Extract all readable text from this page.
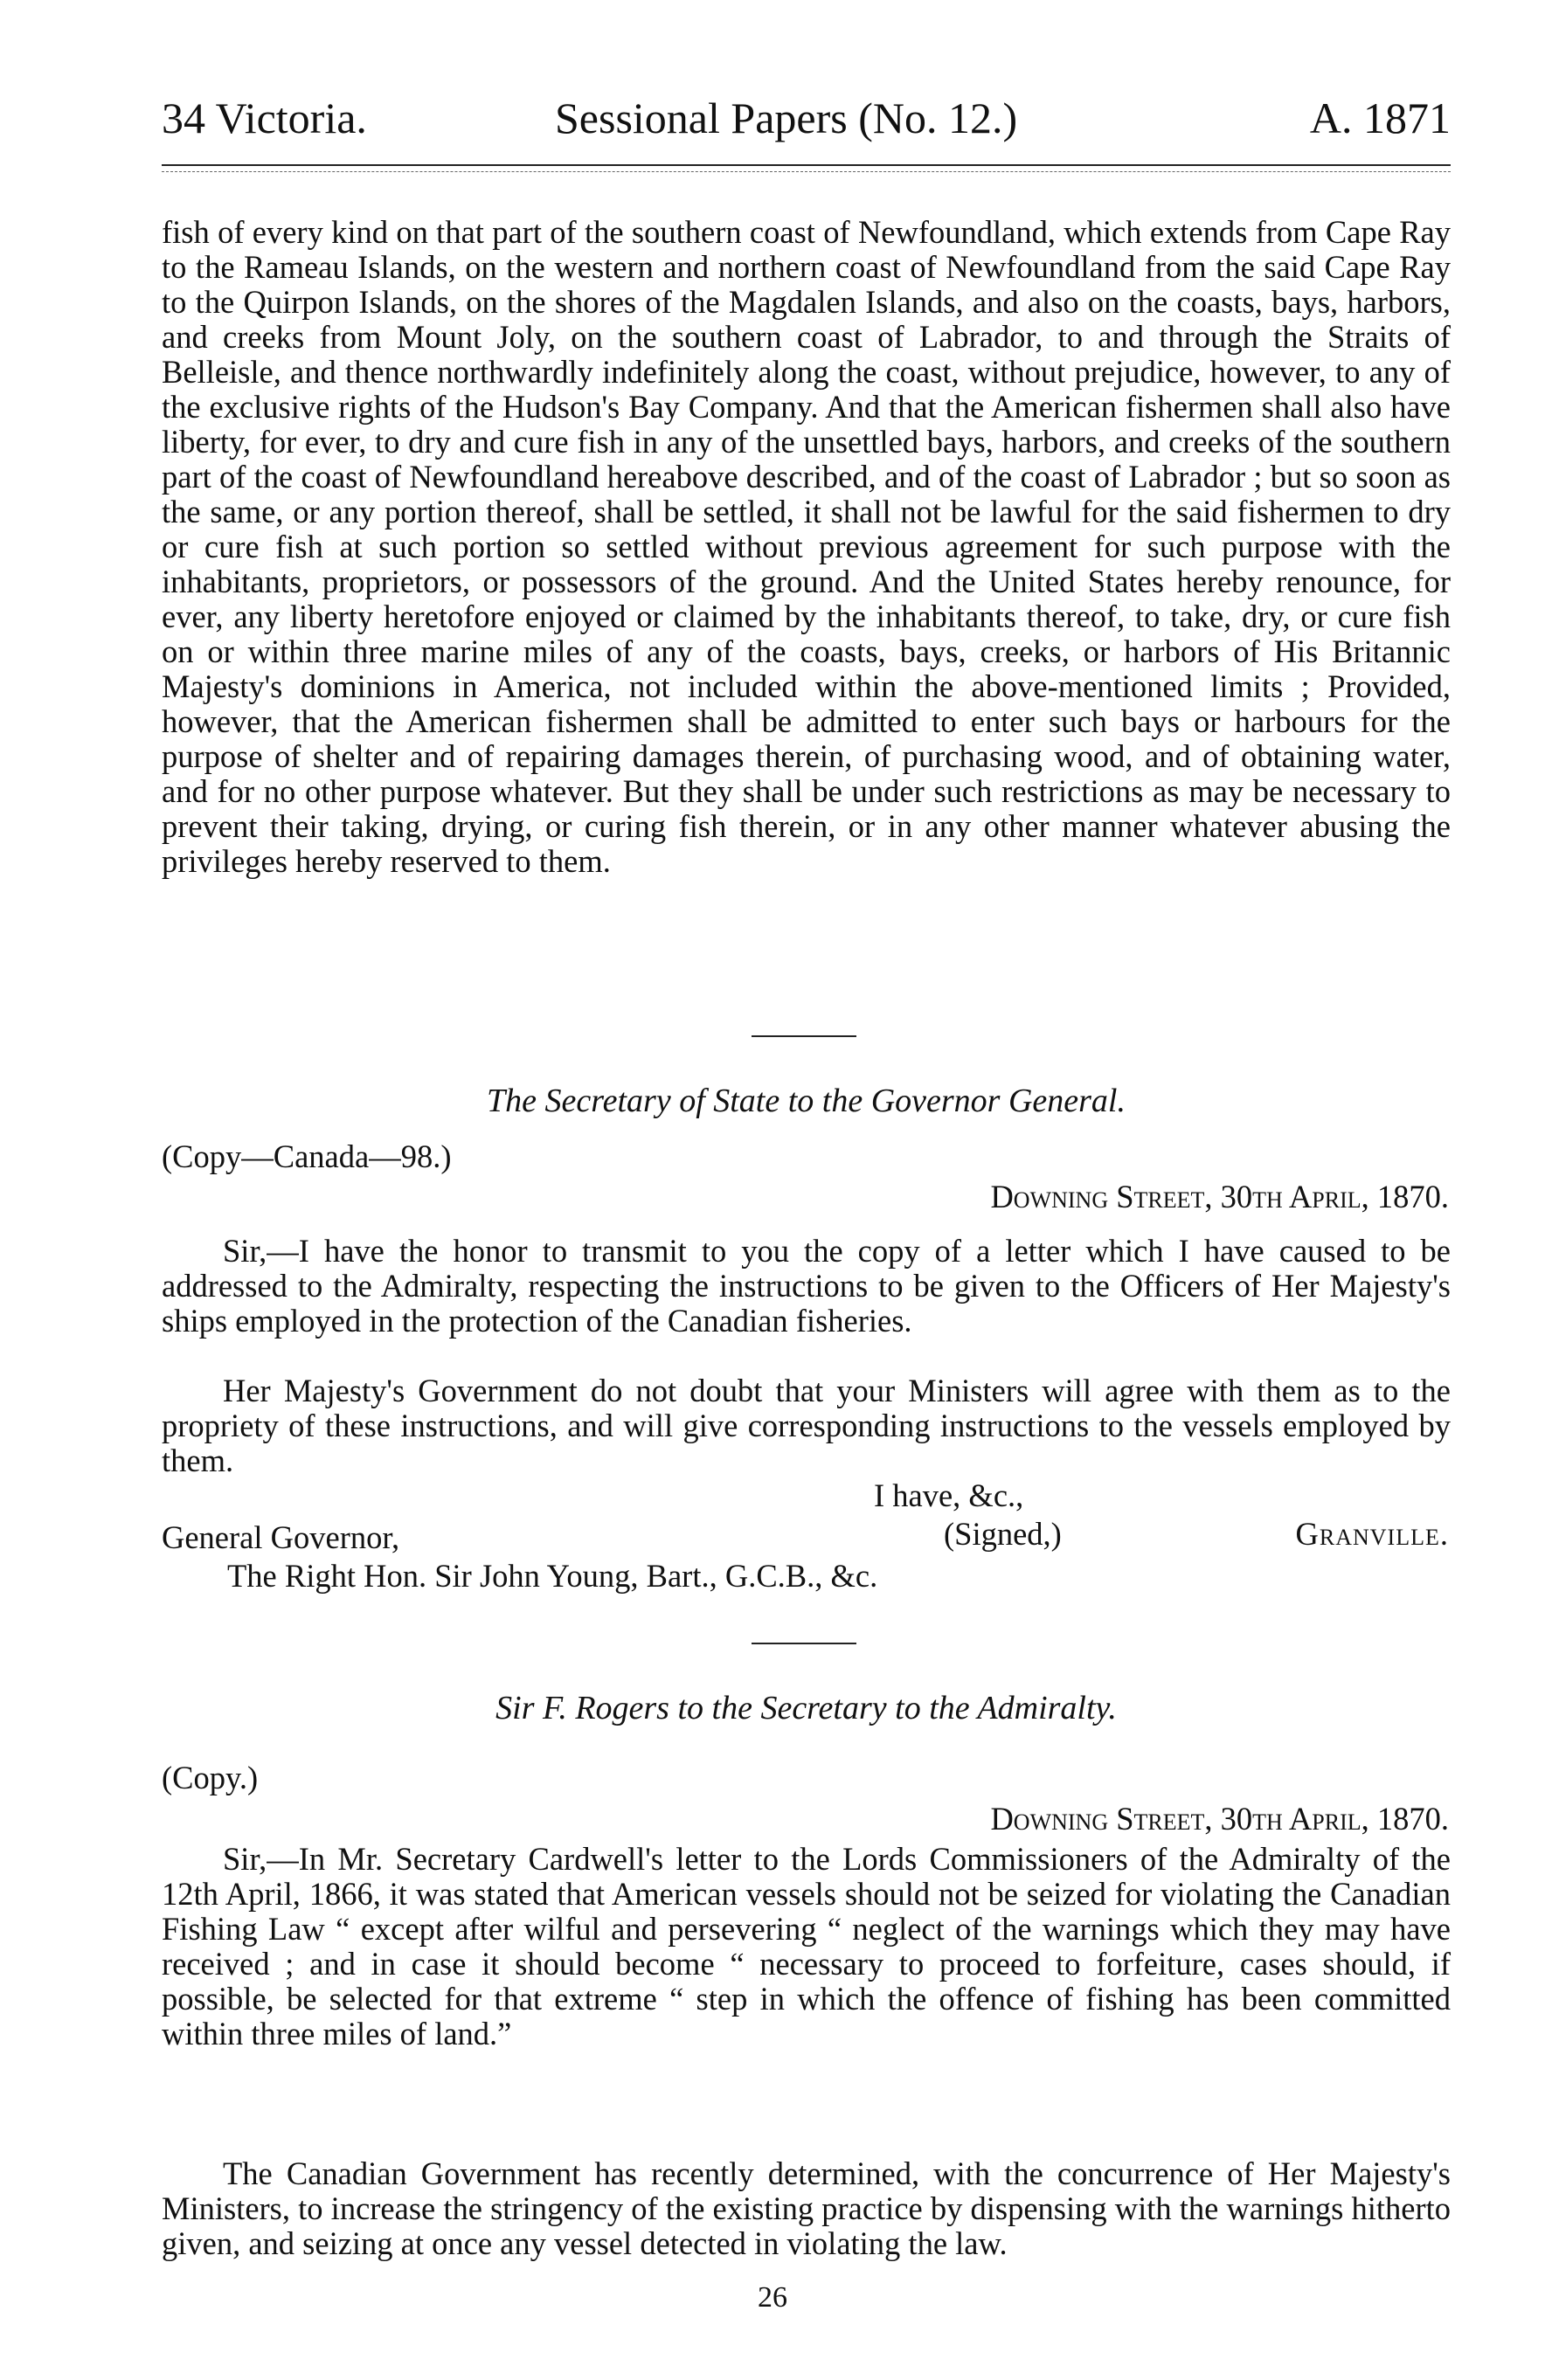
34 Victoria.	Sessional Papers (No. 12.)	A. 1871

fish of every kind on that part of the southern coast of Newfoundland, which extends from Cape Ray to the Rameau Islands, on the western and northern coast of Newfoundland from the said Cape Ray to the Quirpon Islands, on the shores of the Magdalen Islands, and also on the coasts, bays, harbors, and creeks from Mount Joly, on the southern coast of Labrador, to and through the Straits of Belleisle, and thence northwardly indefinitely along the coast, without prejudice, however, to any of the exclusive rights of the Hudson's Bay Company. And that the American fishermen shall also have liberty, for ever, to dry and cure fish in any of the unsettled bays, harbors, and creeks of the southern part of the coast of Newfoundland hereabove described, and of the coast of Labrador ; but so soon as the same, or any portion thereof, shall be settled, it shall not be lawful for the said fishermen to dry or cure fish at such portion so settled without previous agreement for such purpose with the inhabitants, proprietors, or possessors of the ground. And the United States hereby renounce, for ever, any liberty heretofore enjoyed or claimed by the inhabitants thereof, to take, dry, or cure fish on or within three marine miles of any of the coasts, bays, creeks, or harbors of His Britannic Majesty's dominions in America, not included within the above-mentioned limits ; Provided, however, that the American fishermen shall be admitted to enter such bays or harbours for the purpose of shelter and of repairing damages therein, of purchasing wood, and of obtaining water, and for no other purpose whatever. But they shall be under such restrictions as may be necessary to prevent their taking, drying, or curing fish therein, or in any other manner whatever abusing the privileges hereby reserved to them.

The Secretary of State to the Governor General.

(Copy—Canada—98.)

Downing Street, 30th April, 1870.

Sir,—I have the honor to transmit to you the copy of a letter which I have caused to be addressed to the Admiralty, respecting the instructions to be given to the Officers of Her Majesty's ships employed in the protection of the Canadian fisheries.

Her Majesty's Government do not doubt that your Ministers will agree with them as to the propriety of these instructions, and will give corresponding instructions to the vessels employed by them.

I have, &c.,

(Signed,)	Granville.

General Governor,

The Right Hon. Sir John Young, Bart., G.C.B., &c.

Sir F. Rogers to the Secretary to the Admiralty.

(Copy.)

Downing Street, 30th April, 1870.

Sir,—In Mr. Secretary Cardwell's letter to the Lords Commissioners of the Admiralty of the 12th April, 1866, it was stated that American vessels should not be seized for violating the Canadian Fishing Law “ except after wilful and persevering “ neglect of the warnings which they may have received ; and in case it should become “ necessary to proceed to forfeiture, cases should, if possible, be selected for that extreme “ step in which the offence of fishing has been committed within three miles of land.”

The Canadian Government has recently determined, with the concurrence of Her Majesty's Ministers, to increase the stringency of the existing practice by dispensing with the warnings hitherto given, and seizing at once any vessel detected in violating the law.

26
